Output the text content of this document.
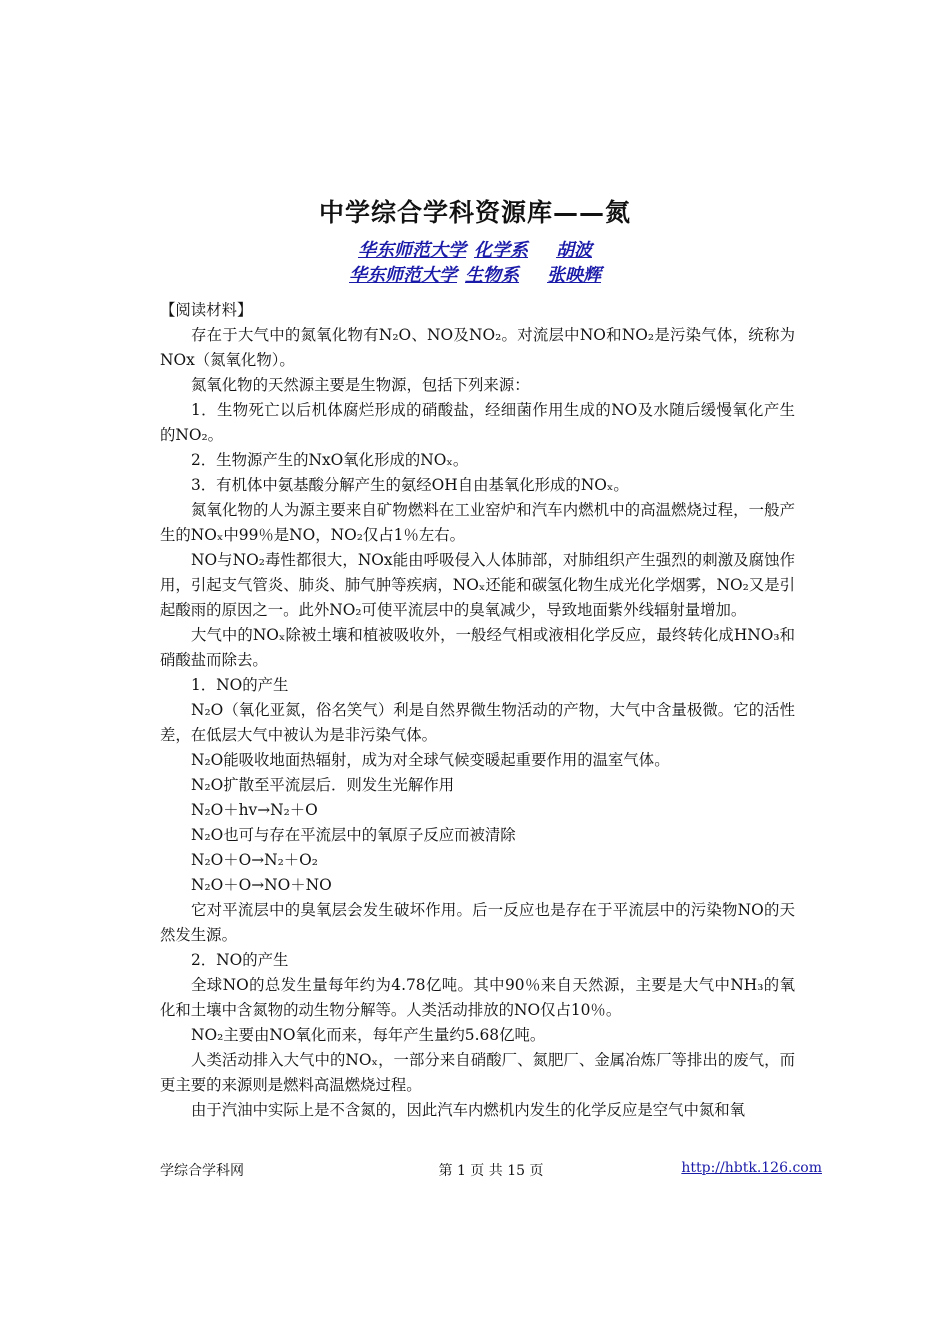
中学综合学科资源库——氮
华东师范大学 化学系 胡波
华东师范大学 生物系 张映辉

【阅读材料】

存在于大气中的氮氧化物有N₂O、NO及NO₂。对流层中NO和NO₂是污染气体，统称为NOx（氮氧化物）。

氮氧化物的天然源主要是生物源，包括下列来源：

1．生物死亡以后机体腐烂形成的硝酸盐，经细菌作用生成的NO及水随后缓慢氧化产生的NO₂。

2．生物源产生的NxO氧化形成的NOₓ。

3．有机体中氨基酸分解产生的氨经OH自由基氧化形成的NOₓ。

氮氧化物的人为源主要来自矿物燃料在工业窑炉和汽车内燃机中的高温燃烧过程，一般产生的NOₓ中99％是NO，NO₂仅占1％左右。

NO与NO₂毒性都很大，NOx能由呼吸侵入人体肺部，对肺组织产生强烈的刺激及腐蚀作用，引起支气管炎、肺炎、肺气肿等疾病，NOₓ还能和碳氢化物生成光化学烟雾，NO₂又是引起酸雨的原因之一。此外NO₂可使平流层中的臭氧减少，导致地面紫外线辐射量增加。

大气中的NOₓ除被土壤和植被吸收外，一般经气相或液相化学反应，最终转化成HNO₃和硝酸盐而除去。

1．NO的产生

N₂O（氧化亚氮，俗名笑气）利是自然界微生物活动的产物，大气中含量极微。它的活性差，在低层大气中被认为是非污染气体。

N₂O能吸收地面热辐射，成为对全球气候变暖起重要作用的温室气体。

N₂O扩散至平流层后．则发生光解作用

N₂O＋hv→N₂＋O

N₂O也可与存在平流层中的氧原子反应而被清除

N₂O＋O→N₂＋O₂

N₂O＋O→NO＋NO

它对平流层中的臭氧层会发生破坏作用。后一反应也是存在于平流层中的污染物NO的天然发生源。

2．NO的产生

全球NO的总发生量每年约为4.78亿吨。其中90％来自天然源，主要是大气中NH₃的氧化和土壤中含氮物的动生物分解等。人类活动排放的NO仅占10％。

NO₂主要由NO氧化而来，每年产生量约5.68亿吨。

人类活动排入大气中的NOₓ，一部分来自硝酸厂、氮肥厂、金属冶炼厂等排出的废气，而更主要的来源则是燃料高温燃烧过程。

由于汽油中实际上是不含氮的，因此汽车内燃机内发生的化学反应是空气中氮和氧

学综合学科网	第 1 页 共 15 页	http://hbtk.126.com
